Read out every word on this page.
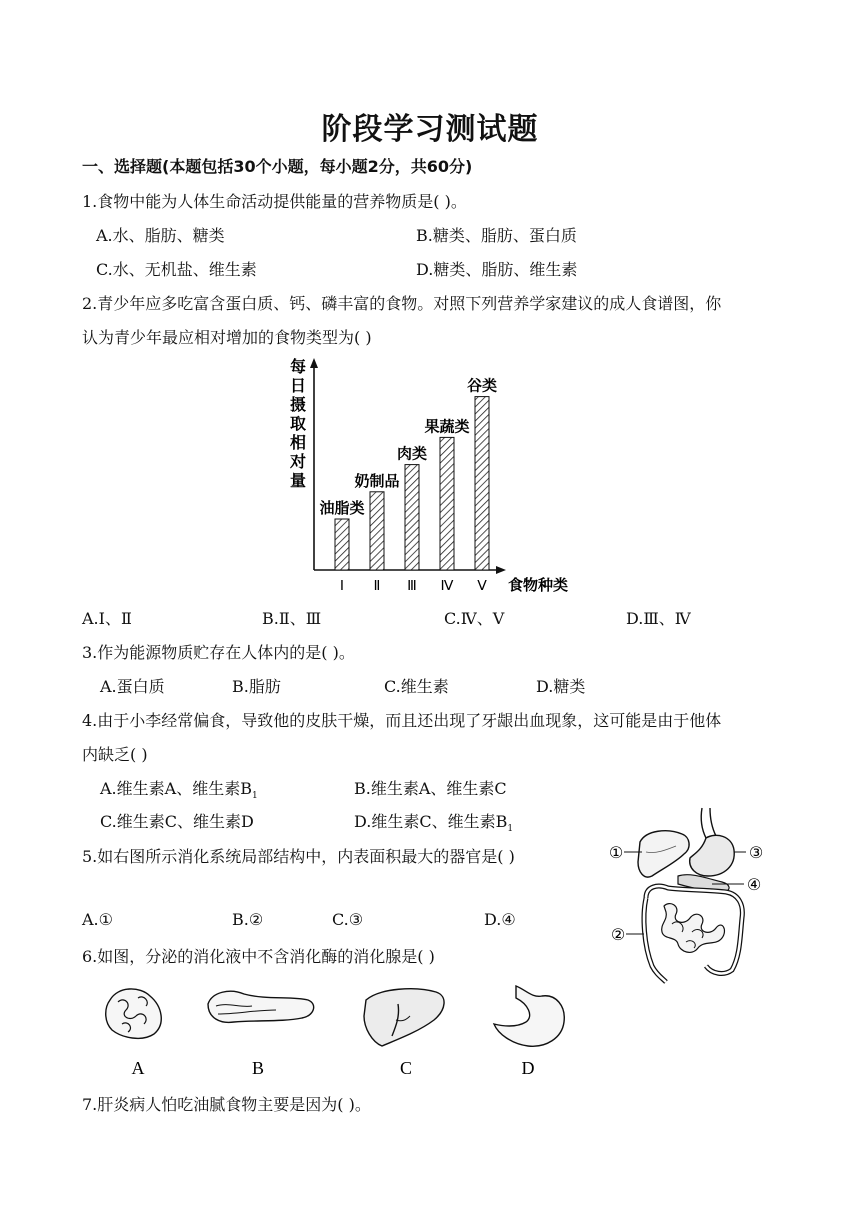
阶段学习测试题
一、选择题(本题包括30个小题，每小题2分，共60分)
1.食物中能为人体生命活动提供能量的营养物质是( )。
A.水、脂肪、糖类	B.糖类、脂肪、蛋白质
C.水、无机盐、维生素	D.糖类、脂肪、维生素
2.青少年应多吃富含蛋白质、钙、磷丰富的食物。对照下列营养学家建议的成人食谱图，你
认为青少年最应相对增加的食物类型为( )
每日摄取相对量
食物种类
油脂类
Ⅰ
奶制品
Ⅱ
肉类
Ⅲ
果蔬类
Ⅳ
谷类
Ⅴ
A.Ⅰ、Ⅱ	B.Ⅱ、Ⅲ	C.Ⅳ、Ⅴ	D.Ⅲ、Ⅳ
3.作为能源物质贮存在人体内的是( )。
A.蛋白质	B.脂肪	C.维生素	D.糖类
4.由于小李经常偏食，导致他的皮肤干燥，而且还出现了牙龈出血现象，这可能是由于他体
内缺乏( )
A.维生素A、维生素$B_1$	B.维生素A、维生素C
C.维生素C、维生素D	D.维生素C、维生素$B_1$
5.如右图所示消化系统局部结构中，内表面积最大的器官是( )
A.①	B.②	C.③	D.④
①	③
④
②
6.如图，分泌的消化液中不含消化酶的消化腺是( )
A	B	C	D
7.肝炎病人怕吃油腻食物主要是因为( )。
